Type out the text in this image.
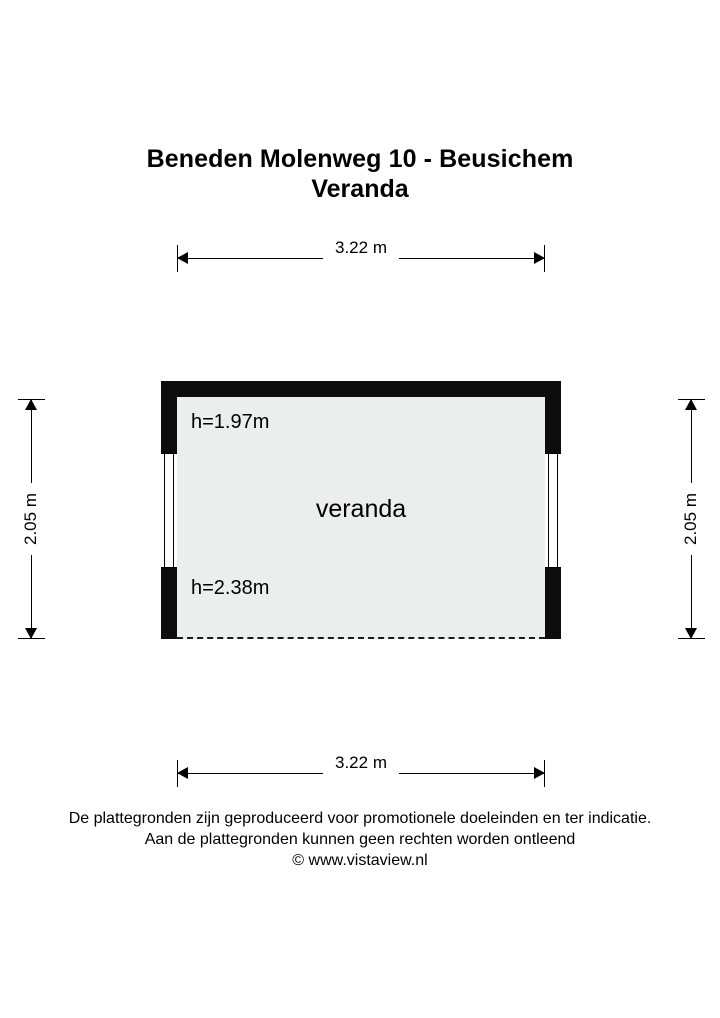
Beneden Molenweg 10 - Beusichem
Veranda
3.22 m
2.05 m	2.05 m
h=1.97m
veranda
h=2.38m
3.22 m
De plattegronden zijn geproduceerd voor promotionele doeleinden en ter indicatie.
Aan de plattegronden kunnen geen rechten worden ontleend
© www.vistaview.nl
